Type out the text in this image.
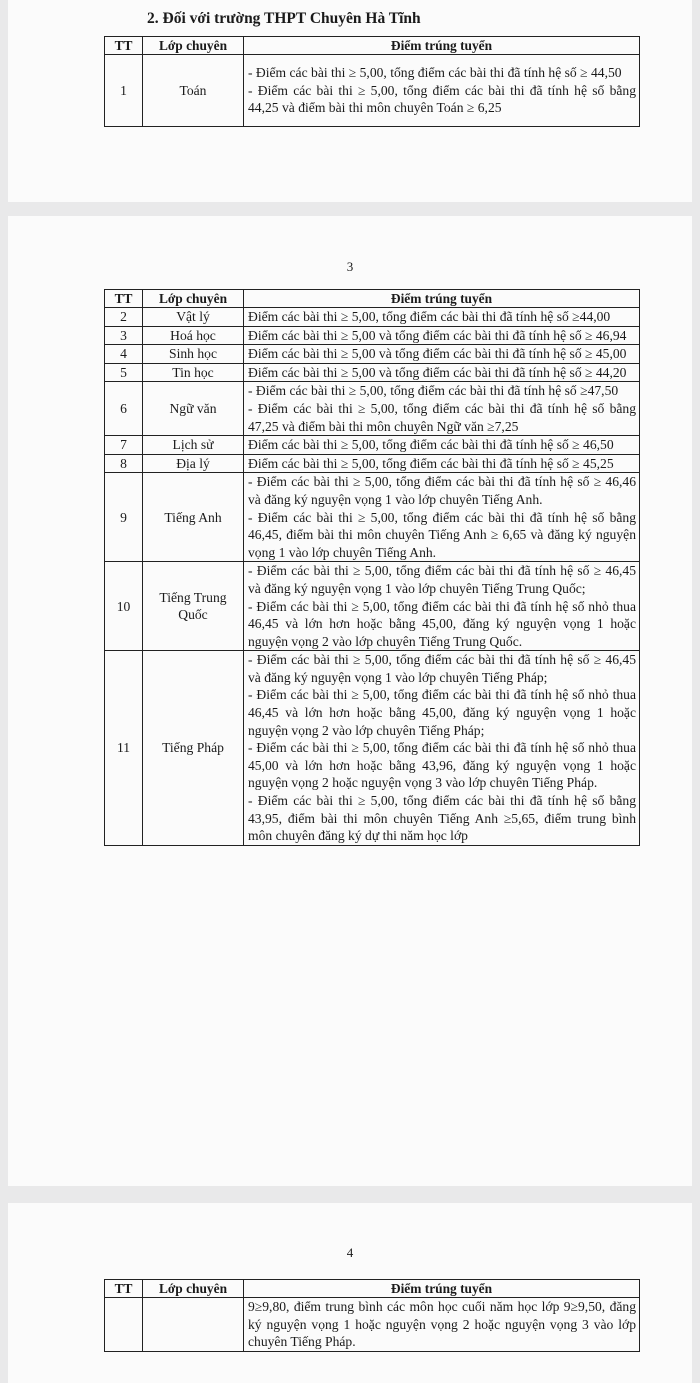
2. Đối với trường THPT Chuyên Hà Tĩnh
TT	Lớp chuyên	Điểm trúng tuyển
1	Toán	- Điểm các bài thi ≥ 5,00, tổng điểm các bài thi đã tính hệ số ≥ 44,50
- Điểm các bài thi ≥ 5,00, tổng điểm các bài thi đã tính hệ số bằng 44,25 và điểm bài thi môn chuyên Toán ≥ 6,25
3
TT	Lớp chuyên	Điểm trúng tuyển
2	Vật lý	Điểm các bài thi ≥ 5,00, tổng điểm các bài thi đã tính hệ số ≥44,00
3	Hoá học	Điểm các bài thi ≥ 5,00 và tổng điểm các bài thi đã tính hệ số ≥ 46,94
4	Sinh học	Điểm các bài thi ≥ 5,00 và tổng điểm các bài thi đã tính hệ số ≥ 45,00
5	Tin học	Điểm các bài thi ≥ 5,00 và tổng điểm các bài thi đã tính hệ số ≥ 44,20
6	Ngữ văn	- Điểm các bài thi ≥ 5,00, tổng điểm các bài thi đã tính hệ số ≥47,50
- Điểm các bài thi ≥ 5,00, tổng điểm các bài thi đã tính hệ số bằng 47,25 và điểm bài thi môn chuyên Ngữ văn ≥7,25
7	Lịch sử	Điểm các bài thi ≥ 5,00, tổng điểm các bài thi đã tính hệ số ≥ 46,50
8	Địa lý	Điểm các bài thi ≥ 5,00, tổng điểm các bài thi đã tính hệ số ≥ 45,25
9	Tiếng Anh	- Điểm các bài thi ≥ 5,00, tổng điểm các bài thi đã tính hệ số ≥ 46,46 và đăng ký nguyện vọng 1 vào lớp chuyên Tiếng Anh.
- Điểm các bài thi ≥ 5,00, tổng điểm các bài thi đã tính hệ số bằng 46,45, điểm bài thi môn chuyên Tiếng Anh ≥ 6,65 và đăng ký nguyện vọng 1 vào lớp chuyên Tiếng Anh.
10	Tiếng Trung Quốc	- Điểm các bài thi ≥ 5,00, tổng điểm các bài thi đã tính hệ số ≥ 46,45 và đăng ký nguyện vọng 1 vào lớp chuyên Tiếng Trung Quốc;
- Điểm các bài thi ≥ 5,00, tổng điểm các bài thi đã tính hệ số nhỏ thua 46,45 và lớn hơn hoặc bằng 45,00, đăng ký nguyện vọng 1 hoặc nguyện vọng 2 vào lớp chuyên Tiếng Trung Quốc.
11	Tiếng Pháp	- Điểm các bài thi ≥ 5,00, tổng điểm các bài thi đã tính hệ số ≥ 46,45 và đăng ký nguyện vọng 1 vào lớp chuyên Tiếng Pháp;
- Điểm các bài thi ≥ 5,00, tổng điểm các bài thi đã tính hệ số nhỏ thua 46,45 và lớn hơn hoặc bằng 45,00, đăng ký nguyện vọng 1 hoặc nguyện vọng 2 vào lớp chuyên Tiếng Pháp;
- Điểm các bài thi ≥ 5,00, tổng điểm các bài thi đã tính hệ số nhỏ thua 45,00 và lớn hơn hoặc bằng 43,96, đăng ký nguyện vọng 1 hoặc nguyện vọng 2 hoặc nguyện vọng 3 vào lớp chuyên Tiếng Pháp.
- Điểm các bài thi ≥ 5,00, tổng điểm các bài thi đã tính hệ số bằng 43,95, điểm bài thi môn chuyên Tiếng Anh ≥5,65, điểm trung bình môn chuyên đăng ký dự thi năm học lớp
4
TT	Lớp chuyên	Điểm trúng tuyển
		9≥9,80, điểm trung bình các môn học cuối năm học lớp 9≥9,50, đăng ký nguyện vọng 1 hoặc nguyện vọng 2 hoặc nguyện vọng 3 vào lớp chuyên Tiếng Pháp.
